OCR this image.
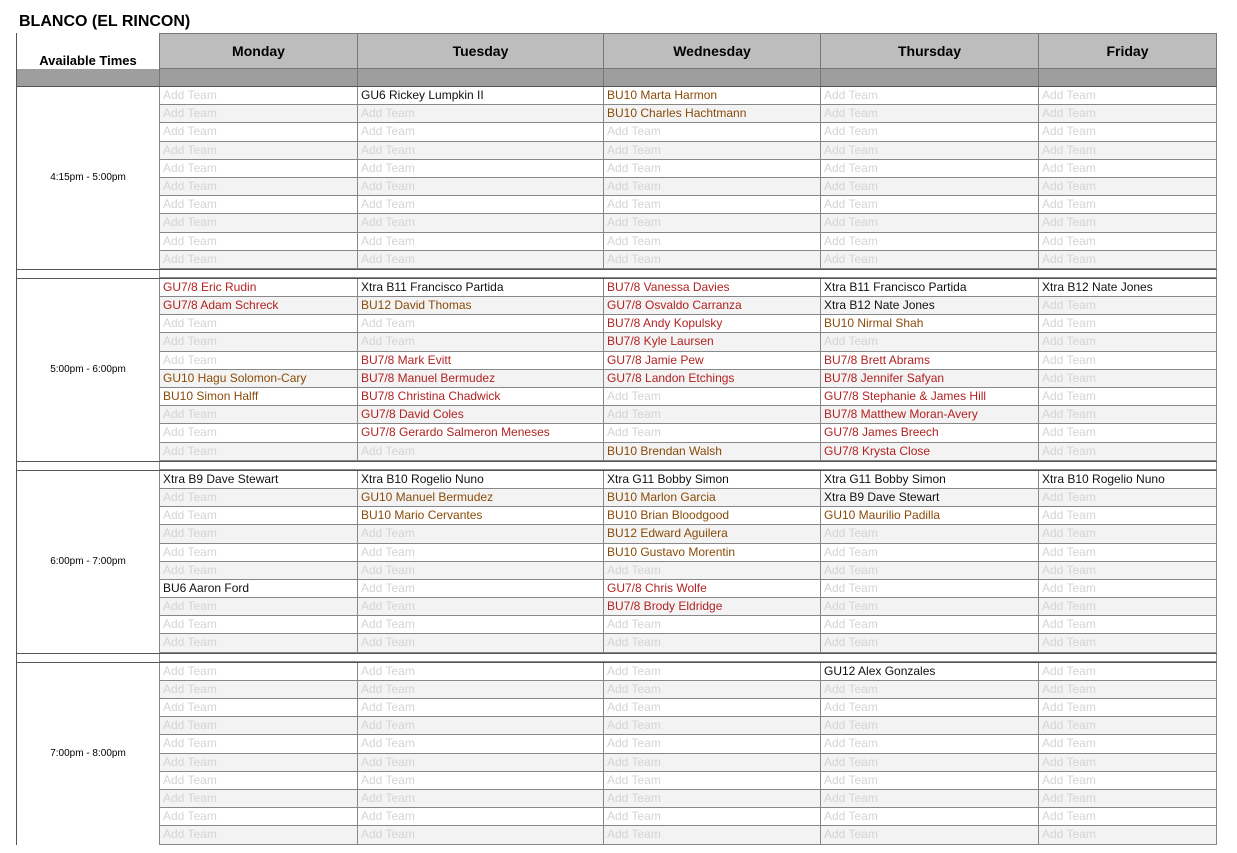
BLANCO (EL RINCON)
Available Times
Monday	Tuesday	Wednesday	Thursday	Friday
4:15pm - 5:00pm
Add Team	GU6 Rickey Lumpkin II	BU10 Marta Harmon	Add Team	Add Team
Add Team	Add Team	BU10 Charles Hachtmann	Add Team	Add Team
Add Team	Add Team	Add Team	Add Team	Add Team
Add Team	Add Team	Add Team	Add Team	Add Team
Add Team	Add Team	Add Team	Add Team	Add Team
Add Team	Add Team	Add Team	Add Team	Add Team
Add Team	Add Team	Add Team	Add Team	Add Team
Add Team	Add Team	Add Team	Add Team	Add Team
Add Team	Add Team	Add Team	Add Team	Add Team
Add Team	Add Team	Add Team	Add Team	Add Team
5:00pm - 6:00pm
GU7/8 Eric Rudin	Xtra B11 Francisco Partida	BU7/8 Vanessa Davies	Xtra B11 Francisco Partida	Xtra B12 Nate Jones
GU7/8 Adam Schreck	BU12 David Thomas	GU7/8 Osvaldo Carranza	Xtra B12 Nate Jones	Add Team
Add Team	Add Team	BU7/8 Andy Kopulsky	BU10 Nirmal Shah	Add Team
Add Team	Add Team	BU7/8 Kyle Laursen	Add Team	Add Team
Add Team	BU7/8 Mark Evitt	GU7/8 Jamie Pew	BU7/8 Brett Abrams	Add Team
GU10 Hagu Solomon-Cary	BU7/8 Manuel Bermudez	GU7/8 Landon Etchings	BU7/8 Jennifer Safyan	Add Team
BU10 Simon Halff	BU7/8 Christina Chadwick	Add Team	GU7/8 Stephanie & James Hill	Add Team
Add Team	GU7/8 David Coles	Add Team	BU7/8 Matthew Moran-Avery	Add Team
Add Team	GU7/8 Gerardo Salmeron Meneses	Add Team	GU7/8 James Breech	Add Team
Add Team	Add Team	BU10 Brendan Walsh	GU7/8 Krysta Close	Add Team
6:00pm - 7:00pm
Xtra B9 Dave Stewart	Xtra B10 Rogelio Nuno	Xtra G11 Bobby Simon	Xtra G11 Bobby Simon	Xtra B10 Rogelio Nuno
Add Team	GU10 Manuel Bermudez	BU10 Marlon Garcia	Xtra B9 Dave Stewart	Add Team
Add Team	BU10 Mario Cervantes	BU10 Brian Bloodgood	GU10 Maurilio Padilla	Add Team
Add Team	Add Team	BU12 Edward Aguilera	Add Team	Add Team
Add Team	Add Team	BU10 Gustavo Morentin	Add Team	Add Team
Add Team	Add Team	Add Team	Add Team	Add Team
BU6 Aaron Ford	Add Team	GU7/8 Chris Wolfe	Add Team	Add Team
Add Team	Add Team	BU7/8 Brody Eldridge	Add Team	Add Team
Add Team	Add Team	Add Team	Add Team	Add Team
Add Team	Add Team	Add Team	Add Team	Add Team
7:00pm - 8:00pm
Add Team	Add Team	Add Team	GU12 Alex Gonzales	Add Team
Add Team	Add Team	Add Team	Add Team	Add Team
Add Team	Add Team	Add Team	Add Team	Add Team
Add Team	Add Team	Add Team	Add Team	Add Team
Add Team	Add Team	Add Team	Add Team	Add Team
Add Team	Add Team	Add Team	Add Team	Add Team
Add Team	Add Team	Add Team	Add Team	Add Team
Add Team	Add Team	Add Team	Add Team	Add Team
Add Team	Add Team	Add Team	Add Team	Add Team
Add Team	Add Team	Add Team	Add Team	Add Team
